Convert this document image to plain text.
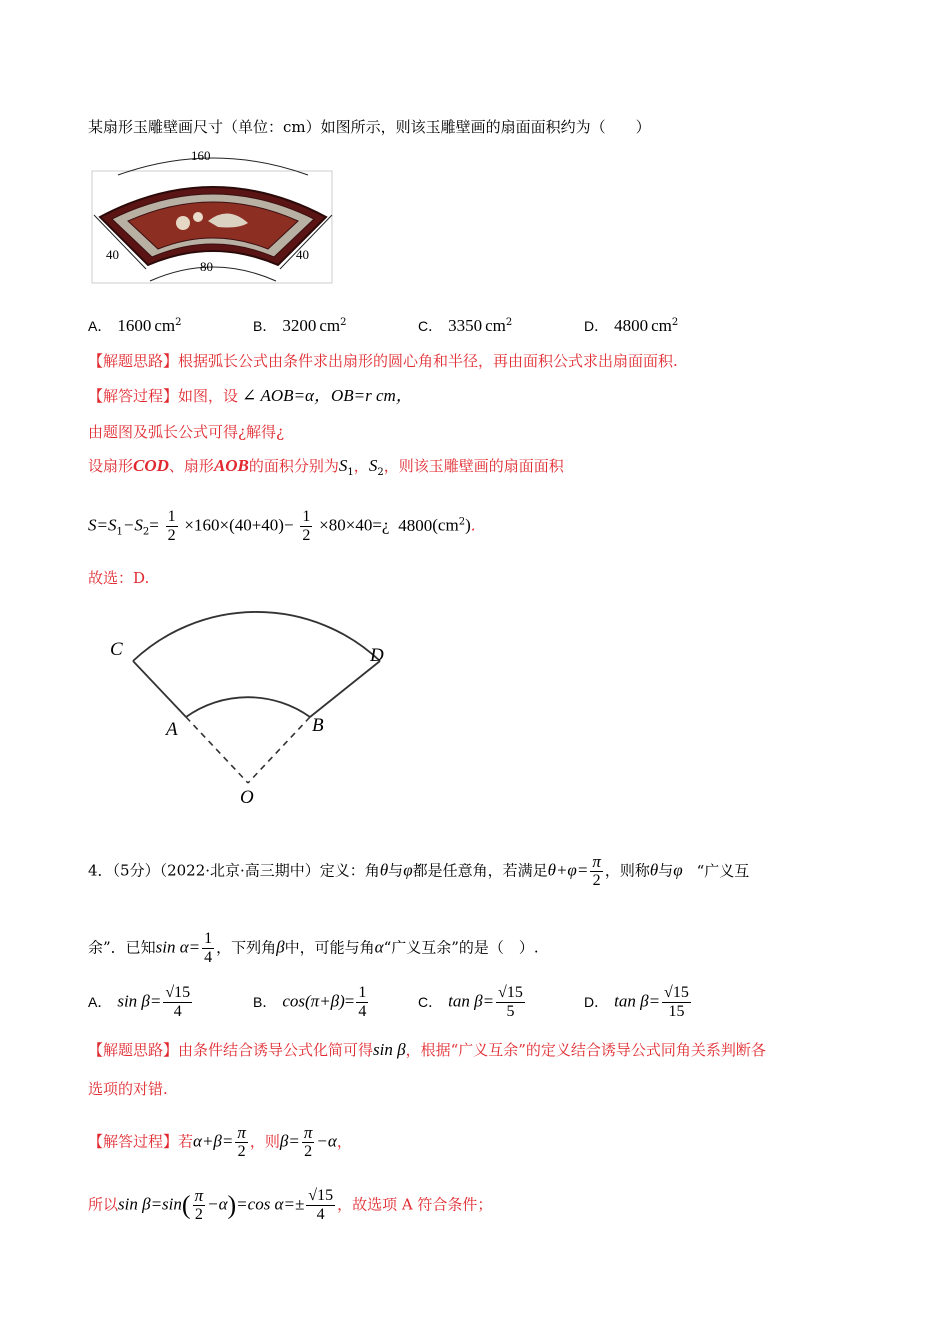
某扇形玉雕壁画尺寸（单位：cm）如图所示，则该玉雕壁画的扇面面积约为（　　）
160
40	40
80
A． 1600 $cm^2$	B． 3200 $cm^2$	C． 3350 $cm^2$	D． 4800 $cm^2$
【解题思路】根据弧长公式由条件求出扇形的圆心角和半径，再由面积公式求出扇面面积.
【解答过程】如图，设 ∠ AOB=α，OB=r cm，
由题图及弧长公式可得¿解得¿
设扇形COD、扇形AOB的面积分别为$S_1$，$S_2$，则该玉雕壁画的扇面面积
$S=S_1-S_2= \frac{1}{2} \times 160\times(40+40)- \frac{1}{2}$ ×80×40=¿ $4800(cm^2)$.
故选：D.
C	D
A	B
O
4．（5分）（2022·北京·高三期中）定义：角θ与φ都是任意角，若满足$\theta+\varphi= \frac{\pi}{2}$ ，则称θ与φ “广义互
余”．已知$\sin \alpha= \frac{1}{4}$ ，下列角β中，可能与角α“广义互余”的是（　）.
A． $\sin \beta= \frac{√15}{4}$	B． $\cos(\pi+\beta)= \frac{1}{4}$	C． $\tan \beta= \frac{√15}{5}$	D． $\tan \beta= \frac{√15}{15}$
【解题思路】由条件结合诱导公式化简可得sin β，根据“广义互余”的定义结合诱导公式同角关系判断各
选项的对错.
【解答过程】若$\alpha+\beta= \frac{\pi}{2}$ ，则$\beta= \frac{\pi}{2} -\alpha$，
所以$\sin \beta=\sin( \frac{\pi}{2} -\alpha)=\cos$ $\alpha=\pm \frac{√15}{4}$ ，故选项 A 符合条件；
